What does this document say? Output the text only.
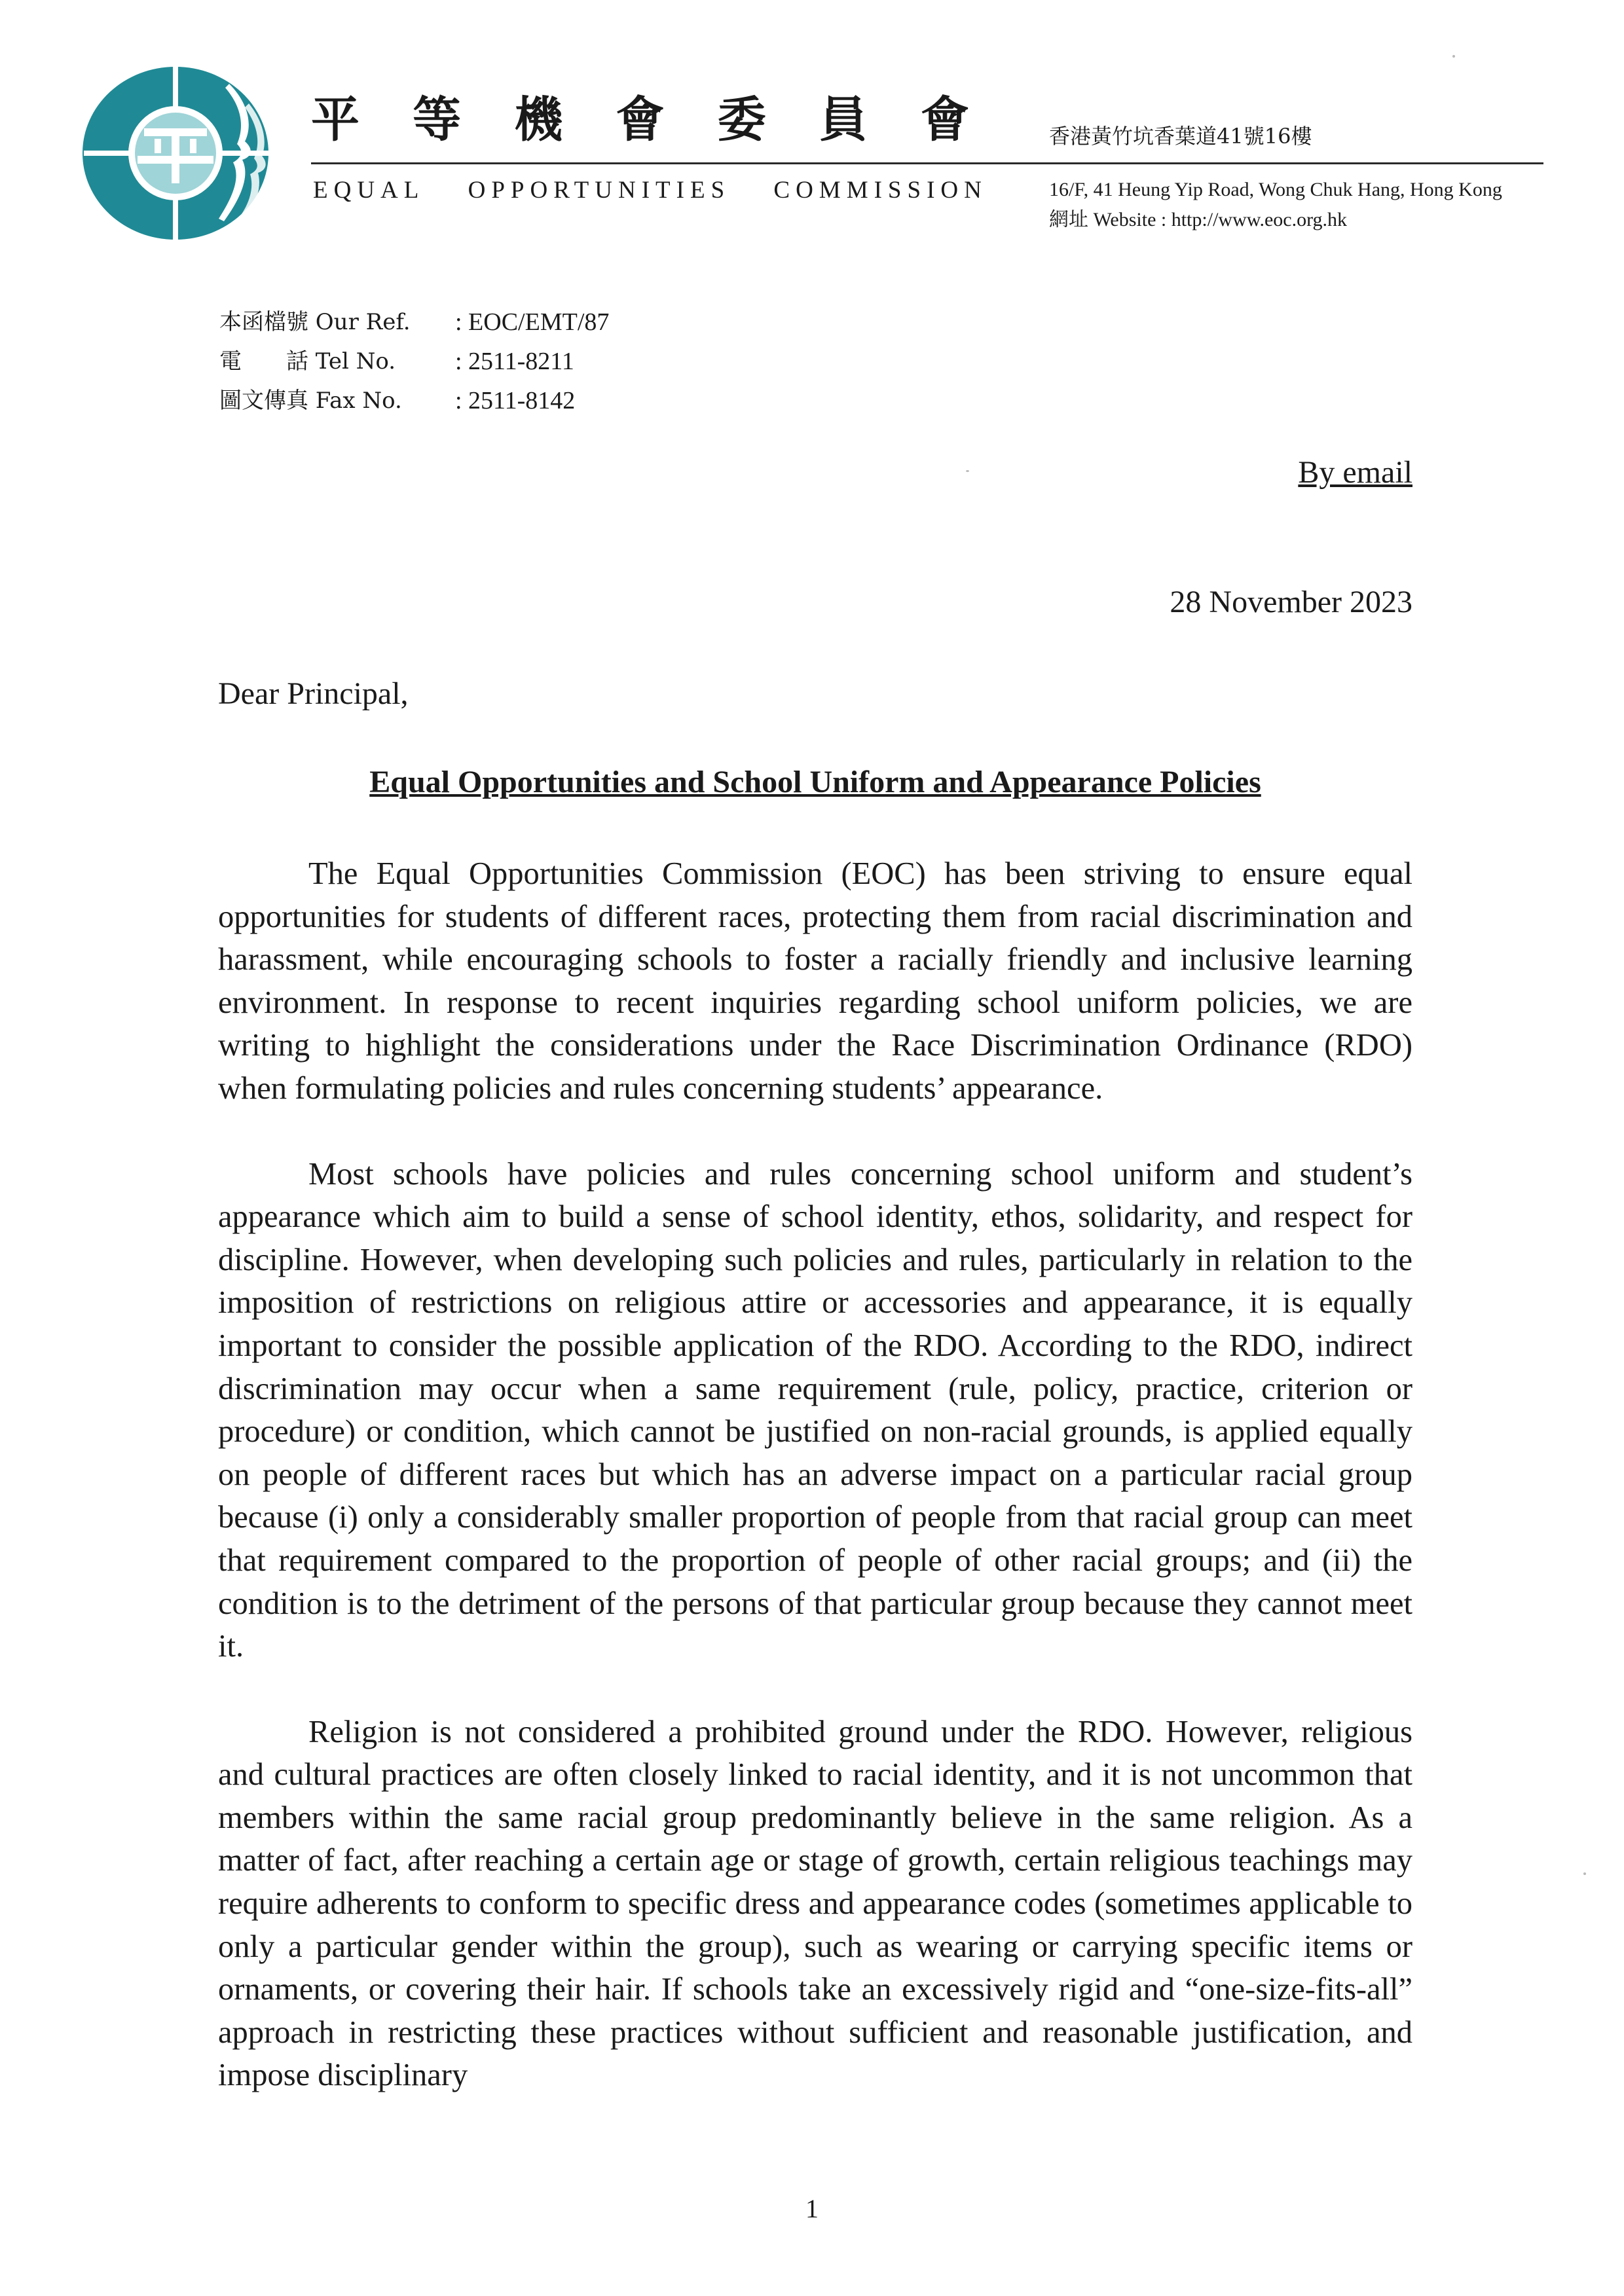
平 等 機 會 委 員 會
EQUAL OPPORTUNITIES COMMISSION
香港黃竹坑香葉道41號16樓
16/F, 41 Heung Yip Road, Wong Chuk Hang, Hong Kong
網址 Website : http://www.eoc.org.hk
本函檔號 Our Ref.	: EOC/EMT/87
電　　話 Tel No.	: 2511-8211
圖文傳真 Fax No.	: 2511-8142
By email
28 November 2023
Dear Principal,
Equal Opportunities and School Uniform and Appearance Policies

The Equal Opportunities Commission (EOC) has been striving to ensure equal opportunities for students of different races, protecting them from racial discrimination and harassment, while encouraging schools to foster a racially friendly and inclusive learning environment. In response to recent inquiries regarding school uniform policies, we are writing to highlight the considerations under the Race Discrimination Ordinance (RDO) when formulating policies and rules concerning students’ appearance.

Most schools have policies and rules concerning school uniform and student’s appearance which aim to build a sense of school identity, ethos, solidarity, and respect for discipline. However, when developing such policies and rules, particularly in relation to the imposition of restrictions on religious attire or accessories and appearance, it is equally important to consider the possible application of the RDO. According to the RDO, indirect discrimination may occur when a same requirement (rule, policy, practice, criterion or procedure) or condition, which cannot be justified on non-racial grounds, is applied equally on people of different races but which has an adverse impact on a particular racial group because (i) only a considerably smaller proportion of people from that racial group can meet that requirement compared to the proportion of people of other racial groups; and (ii) the condition is to the detriment of the persons of that particular group because they cannot meet it.

Religion is not considered a prohibited ground under the RDO. However, religious and cultural practices are often closely linked to racial identity, and it is not uncommon that members within the same racial group predominantly believe in the same religion. As a matter of fact, after reaching a certain age or stage of growth, certain religious teachings may require adherents to conform to specific dress and appearance codes (sometimes applicable to only a particular gender within the group), such as wearing or carrying specific items or ornaments, or covering their hair. If schools take an excessively rigid and “one-size-fits-all” approach in restricting these practices without sufficient and reasonable justification, and impose disciplinary

1
